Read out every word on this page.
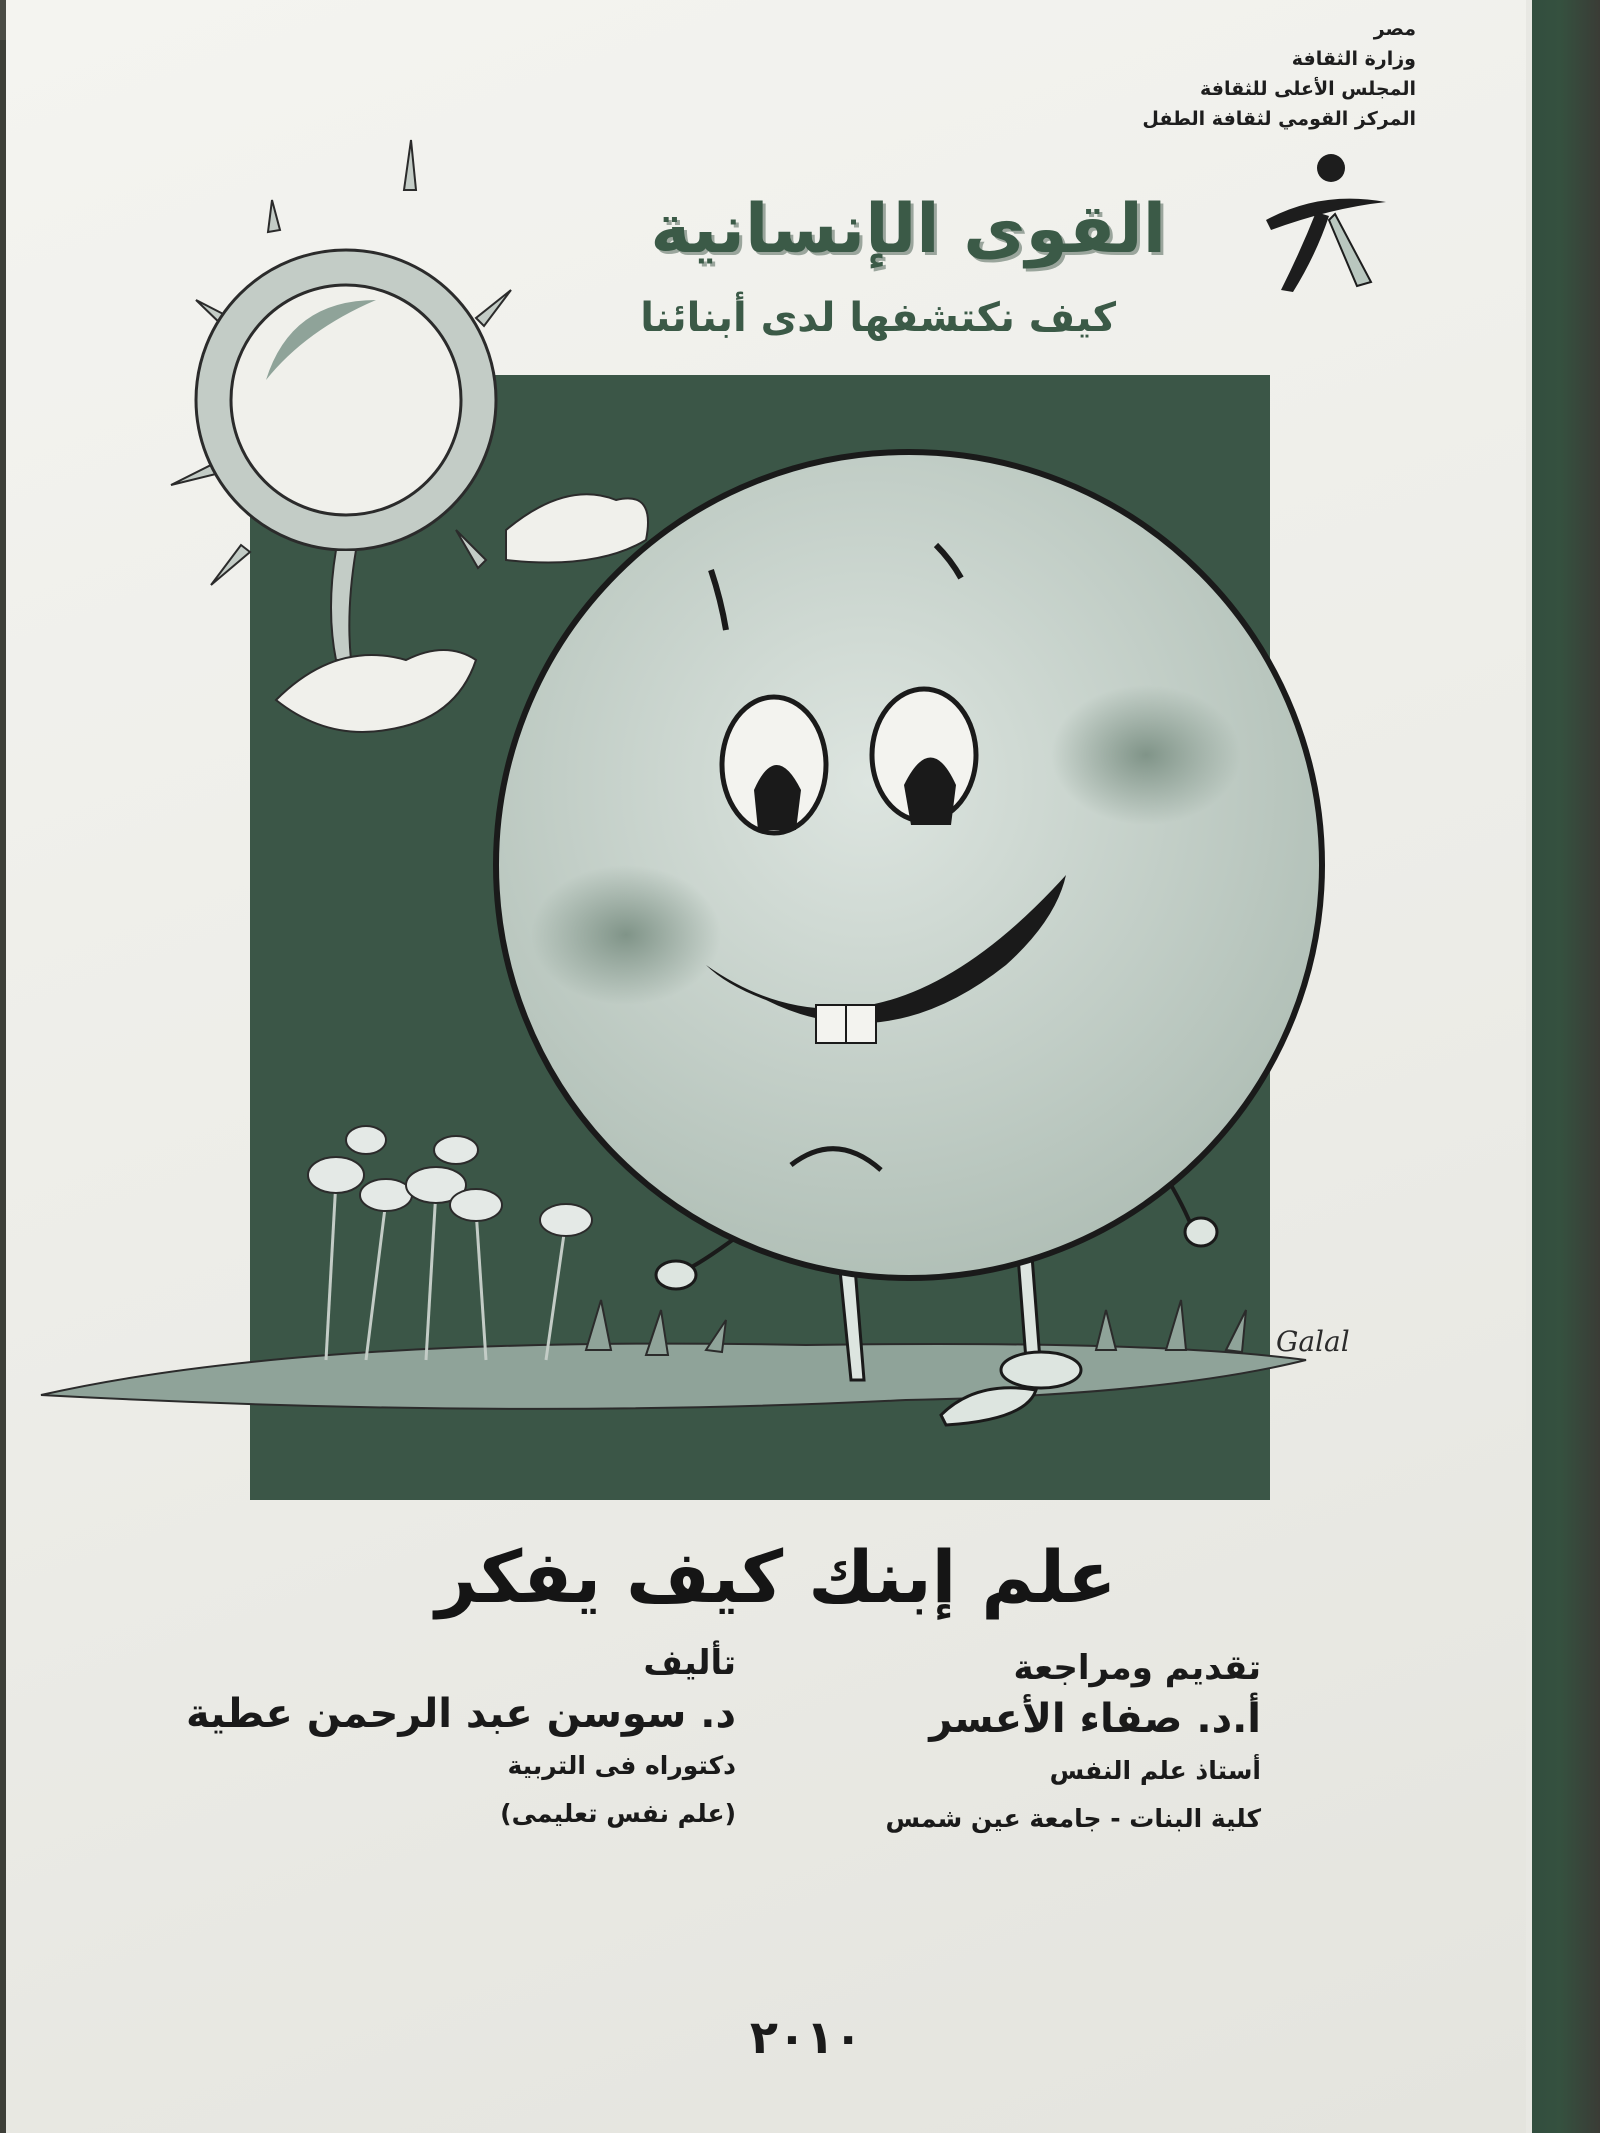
مصر
وزارة الثقافة
المجلس الأعلى للثقافة
المركز القومي لثقافة الطفل
القوى الإنسانية
كيف نكتشفها لدى أبنائنا
Galal
علم إبنك كيف يفكر
تقديم ومراجعة
أ.د. صفاء الأعسر
أستاذ علم النفس
كلية البنات - جامعة عين شمس
تأليف
د. سوسن عبد الرحمن عطية
دكتوراه فى التربية
(علم نفس تعليمى)
٢٠١٠
